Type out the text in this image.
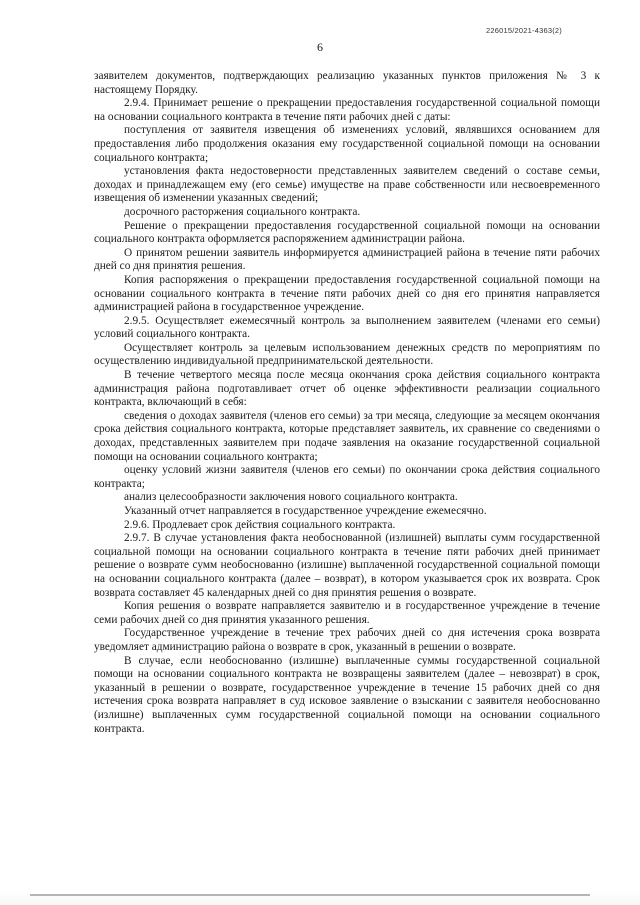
226015/2021-4363(2)
6

заявителем документов, подтверждающих реализацию указанных пунктов приложения № 3 к настоящему Порядку.

2.9.4. Принимает решение о прекращении предоставления государственной социальной помощи на основании социального контракта в течение пяти рабочих дней с даты:

поступления от заявителя извещения об изменениях условий, являвшихся основанием для предоставления либо продолжения оказания ему государственной социальной помощи на основании социального контракта;

установления факта недостоверности представленных заявителем сведений о составе семьи, доходах и принадлежащем ему (его семье) имуществе на праве собственности или несвоевременного извещения об изменении указанных сведений;

досрочного расторжения социального контракта.

Решение о прекращении предоставления государственной социальной помощи на основании социального контракта оформляется распоряжением администрации района.

О принятом решении заявитель информируется администрацией района в течение пяти рабочих дней со дня принятия решения.

Копия распоряжения о прекращении предоставления государственной социальной помощи на основании социального контракта в течение пяти рабочих дней со дня его принятия направляется администрацией района в государственное учреждение.

2.9.5. Осуществляет ежемесячный контроль за выполнением заявителем (членами его семьи) условий социального контракта.

Осуществляет контроль за целевым использованием денежных средств по мероприятиям по осуществлению индивидуальной предпринимательской деятельности.

В течение четвертого месяца после месяца окончания срока действия социального контракта администрация района подготавливает отчет об оценке эффективности реализации социального контракта, включающий в себя:

сведения о доходах заявителя (членов его семьи) за три месяца, следующие за месяцем окончания срока действия социального контракта, которые представляет заявитель, их сравнение со сведениями о доходах, представленных заявителем при подаче заявления на оказание государственной социальной помощи на основании социального контракта;

оценку условий жизни заявителя (членов его семьи) по окончании срока действия социального контракта;

анализ целесообразности заключения нового социального контракта.

Указанный отчет направляется в государственное учреждение ежемесячно.

2.9.6. Продлевает срок действия социального контракта.

2.9.7. В случае установления факта необоснованной (излишней) выплаты сумм государственной социальной помощи на основании социального контракта в течение пяти рабочих дней принимает решение о возврате сумм необоснованно (излишне) выплаченной государственной социальной помощи на основании социального контракта (далее – возврат), в котором указывается срок их возврата. Срок возврата составляет 45 календарных дней со дня принятия решения о возврате.

Копия решения о возврате направляется заявителю и в государственное учреждение в течение семи рабочих дней со дня принятия указанного решения.

Государственное учреждение в течение трех рабочих дней со дня истечения срока возврата уведомляет администрацию района о возврате в срок, указанный в решении о возврате.

В случае, если необоснованно (излишне) выплаченные суммы государственной социальной помощи на основании социального контракта не возвращены заявителем (далее – невозврат) в срок, указанный в решении о возврате, государственное учреждение в течение 15 рабочих дней со дня истечения срока возврата направляет в суд исковое заявление о взыскании с заявителя необоснованно (излишне) выплаченных сумм государственной социальной помощи на основании социального контракта.
